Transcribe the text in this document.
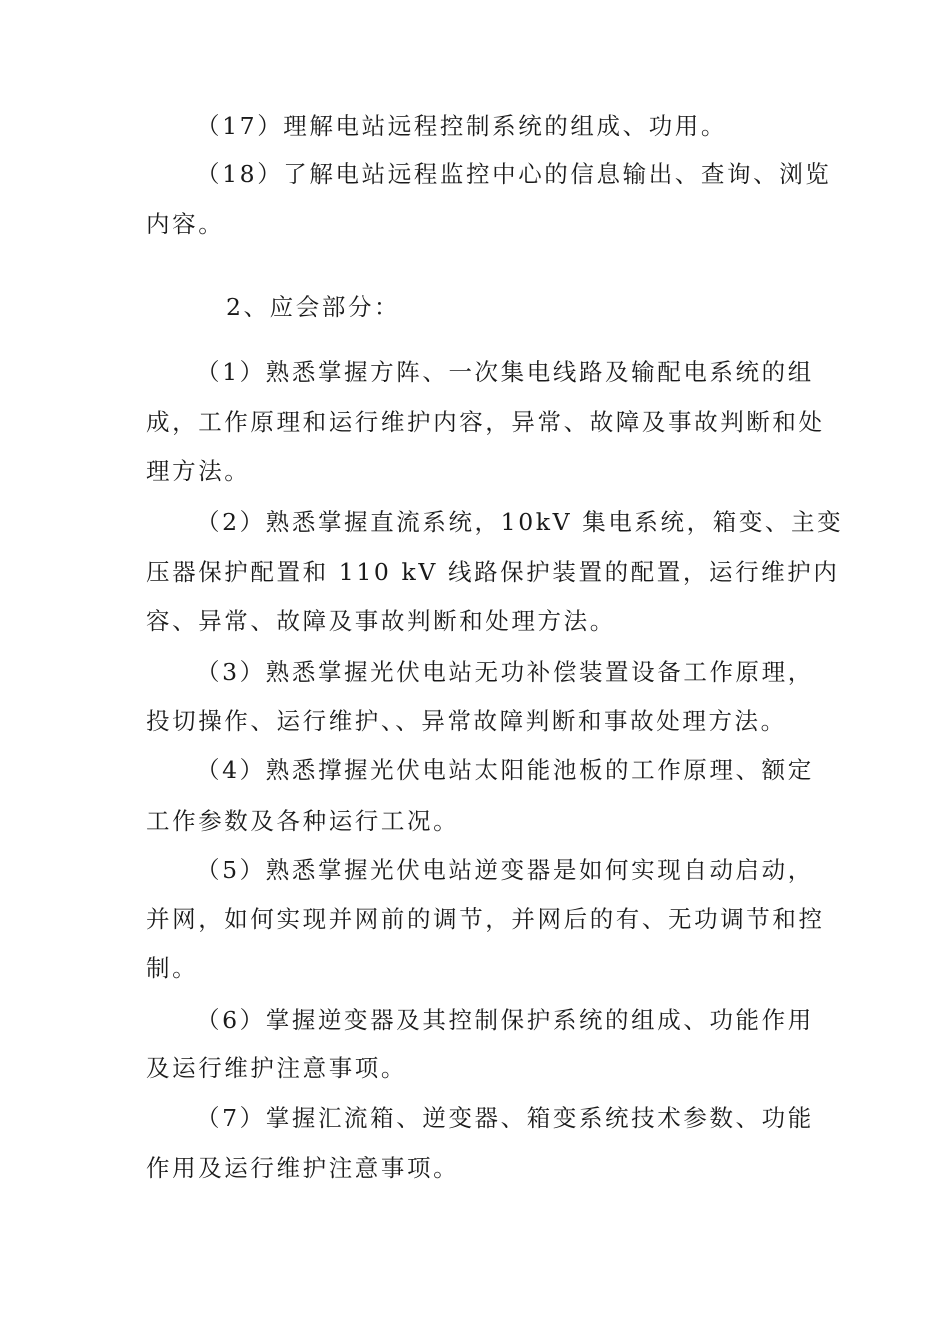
（17）理解电站远程控制系统的组成、功用。
（18）了解电站远程监控中心的信息输出、查询、浏览
内容。
2、应会部分：
（1）熟悉掌握方阵、一次集电线路及输配电系统的组
成，工作原理和运行维护内容，异常、故障及事故判断和处
理方法。
（2）熟悉掌握直流系统，10kV 集电系统，箱变、主变
压器保护配置和 110 kV 线路保护装置的配置，运行维护内
容、异常、故障及事故判断和处理方法。
（3）熟悉掌握光伏电站无功补偿装置设备工作原理，
投切操作、运行维护、、异常故障判断和事故处理方法。
（4）熟悉撑握光伏电站太阳能池板的工作原理、额定
工作参数及各种运行工况。
（5）熟悉掌握光伏电站逆变器是如何实现自动启动，
并网，如何实现并网前的调节，并网后的有、无功调节和控
制。
（6）掌握逆变器及其控制保护系统的组成、功能作用
及运行维护注意事项。
（7）掌握汇流箱、逆变器、箱变系统技术参数、功能
作用及运行维护注意事项。
